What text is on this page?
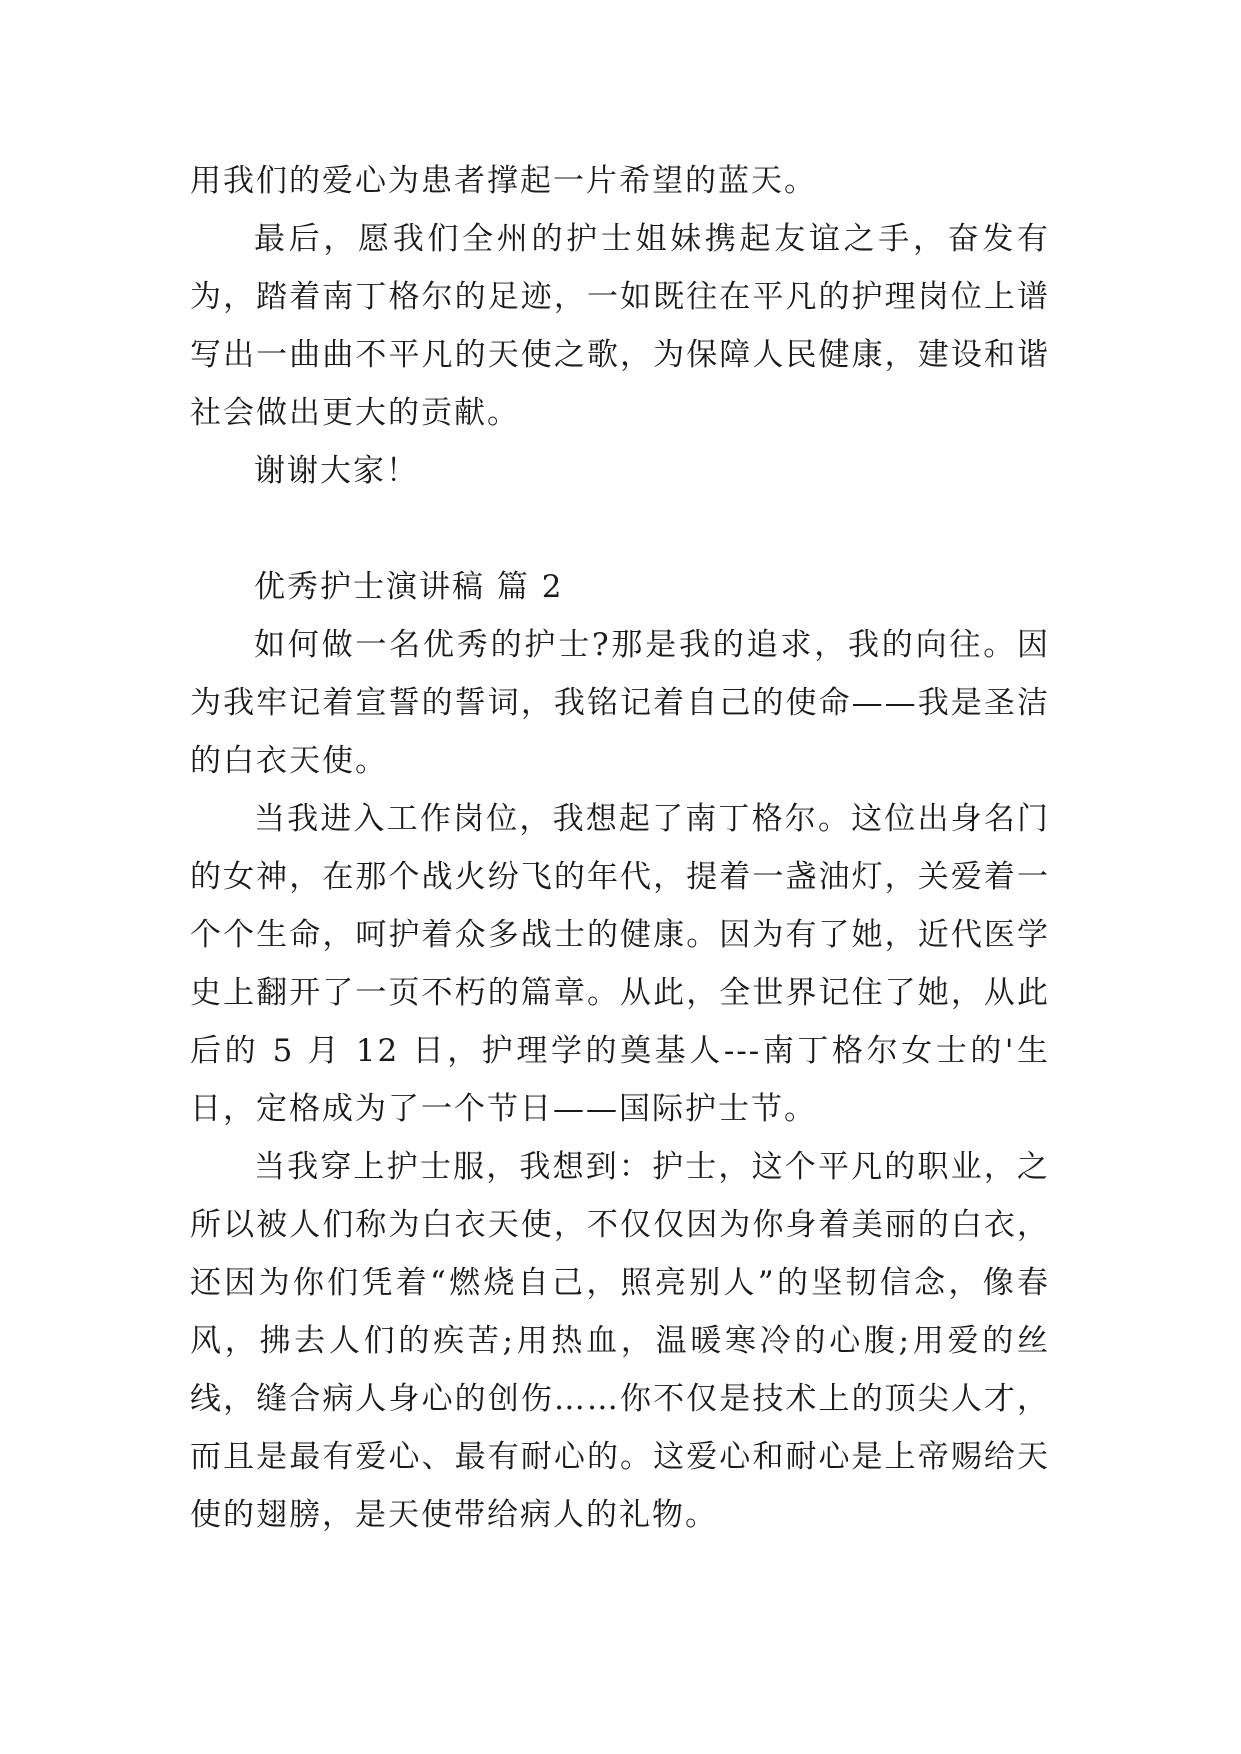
用我们的爱心为患者撑起一片希望的蓝天。

最后，愿我们全州的护士姐妹携起友谊之手，奋发有为，踏着南丁格尔的足迹，一如既往在平凡的护理岗位上谱写出一曲曲不平凡的天使之歌，为保障人民健康，建设和谐社会做出更大的贡献。

谢谢大家！

优秀护士演讲稿 篇 2

如何做一名优秀的护士?那是我的追求，我的向往。因为我牢记着宣誓的誓词，我铭记着自己的使命——我是圣洁的白衣天使。

当我进入工作岗位，我想起了南丁格尔。这位出身名门的女神，在那个战火纷飞的年代，提着一盏油灯，关爱着一个个生命，呵护着众多战士的健康。因为有了她，近代医学史上翻开了一页不朽的篇章。从此，全世界记住了她，从此后的 5 月 12 日，护理学的奠基人---南丁格尔女士的'生日，定格成为了一个节日——国际护士节。

当我穿上护士服，我想到：护士，这个平凡的职业，之所以被人们称为白衣天使，不仅仅因为你身着美丽的白衣，还因为你们凭着“燃烧自己，照亮别人”的坚韧信念，像春风，拂去人们的疾苦;用热血，温暖寒冷的心腹;用爱的丝线，缝合病人身心的创伤……你不仅是技术上的顶尖人才，而且是最有爱心、最有耐心的。这爱心和耐心是上帝赐给天使的翅膀，是天使带给病人的礼物。
